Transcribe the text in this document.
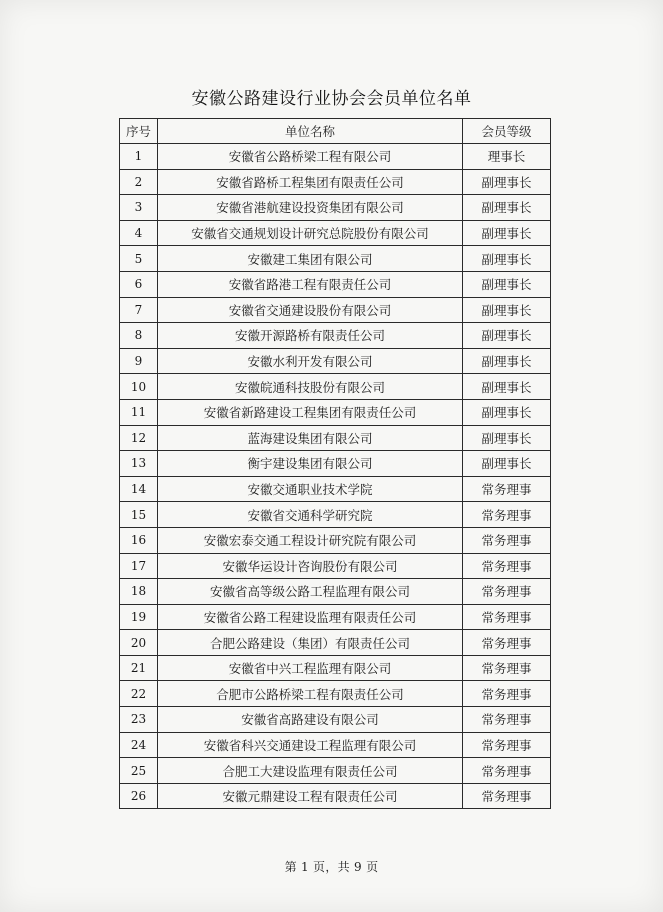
安徽公路建设行业协会会员单位名单
序号	单位名称	会员等级
1	安徽省公路桥梁工程有限公司	理事长
2	安徽省路桥工程集团有限责任公司	副理事长
3	安徽省港航建设投资集团有限公司	副理事长
4	安徽省交通规划设计研究总院股份有限公司	副理事长
5	安徽建工集团有限公司	副理事长
6	安徽省路港工程有限责任公司	副理事长
7	安徽省交通建设股份有限公司	副理事长
8	安徽开源路桥有限责任公司	副理事长
9	安徽水利开发有限公司	副理事长
10	安徽皖通科技股份有限公司	副理事长
11	安徽省新路建设工程集团有限责任公司	副理事长
12	蓝海建设集团有限公司	副理事长
13	衡宇建设集团有限公司	副理事长
14	安徽交通职业技术学院	常务理事
15	安徽省交通科学研究院	常务理事
16	安徽宏泰交通工程设计研究院有限公司	常务理事
17	安徽华运设计咨询股份有限公司	常务理事
18	安徽省高等级公路工程监理有限公司	常务理事
19	安徽省公路工程建设监理有限责任公司	常务理事
20	合肥公路建设（集团）有限责任公司	常务理事
21	安徽省中兴工程监理有限公司	常务理事
22	合肥市公路桥梁工程有限责任公司	常务理事
23	安徽省高路建设有限公司	常务理事
24	安徽省科兴交通建设工程监理有限公司	常务理事
25	合肥工大建设监理有限责任公司	常务理事
26	安徽元鼎建设工程有限责任公司	常务理事
第 1 页，共 9 页
